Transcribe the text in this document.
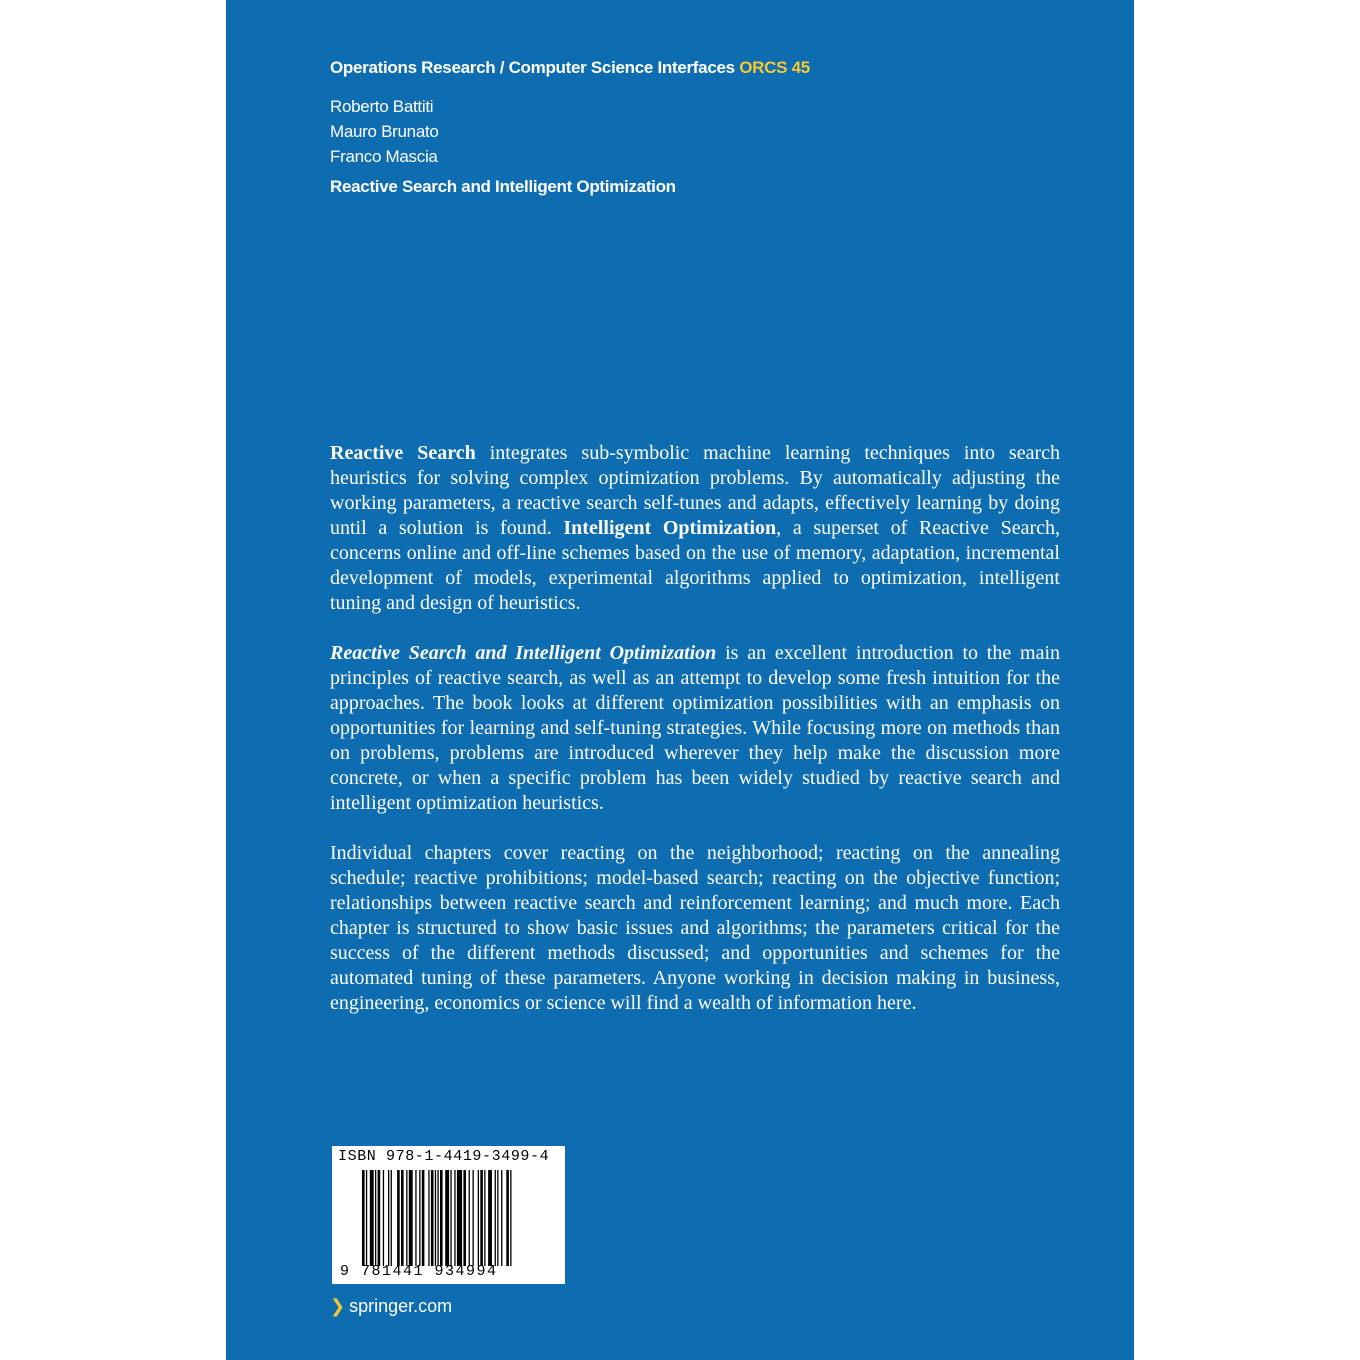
Operations Research / Computer Science Interfaces ORCS 45
Roberto Battiti
Mauro Brunato
Franco Mascia
Reactive Search and Intelligent Optimization

Reactive Search integrates sub-symbolic machine learning techniques into search heuristics for solving complex optimization problems. By automatically adjusting the working parameters, a reactive search self-tunes and adapts, effectively learning by doing until a solution is found. Intelligent Optimization, a superset of Reactive Search, concerns online and off-line schemes based on the use of memory, adaptation, incremental development of models, experimental algorithms applied to optimization, intelligent tuning and design of heuristics.

Reactive Search and Intelligent Optimization is an excellent introduction to the main principles of reactive search, as well as an attempt to develop some fresh intuition for the approaches. The book looks at different optimization possibilities with an emphasis on opportunities for learning and self-tuning strategies. While focusing more on methods than on problems, problems are introduced wherever they help make the discussion more concrete, or when a specific problem has been widely studied by reactive search and intelligent optimization heuristics.

Individual chapters cover reacting on the neighborhood; reacting on the annealing schedule; reactive prohibitions; model-based search; reacting on the objective function; relationships between reactive search and reinforcement learning; and much more. Each chapter is structured to show basic issues and algorithms; the parameters critical for the success of the different methods discussed; and opportunities and schemes for the automated tuning of these parameters. Anyone working in decision making in business, engineering, economics or science will find a wealth of information here.

ISBN 978-1-4419-3499-4
9 781441 934994
❯ springer.com
